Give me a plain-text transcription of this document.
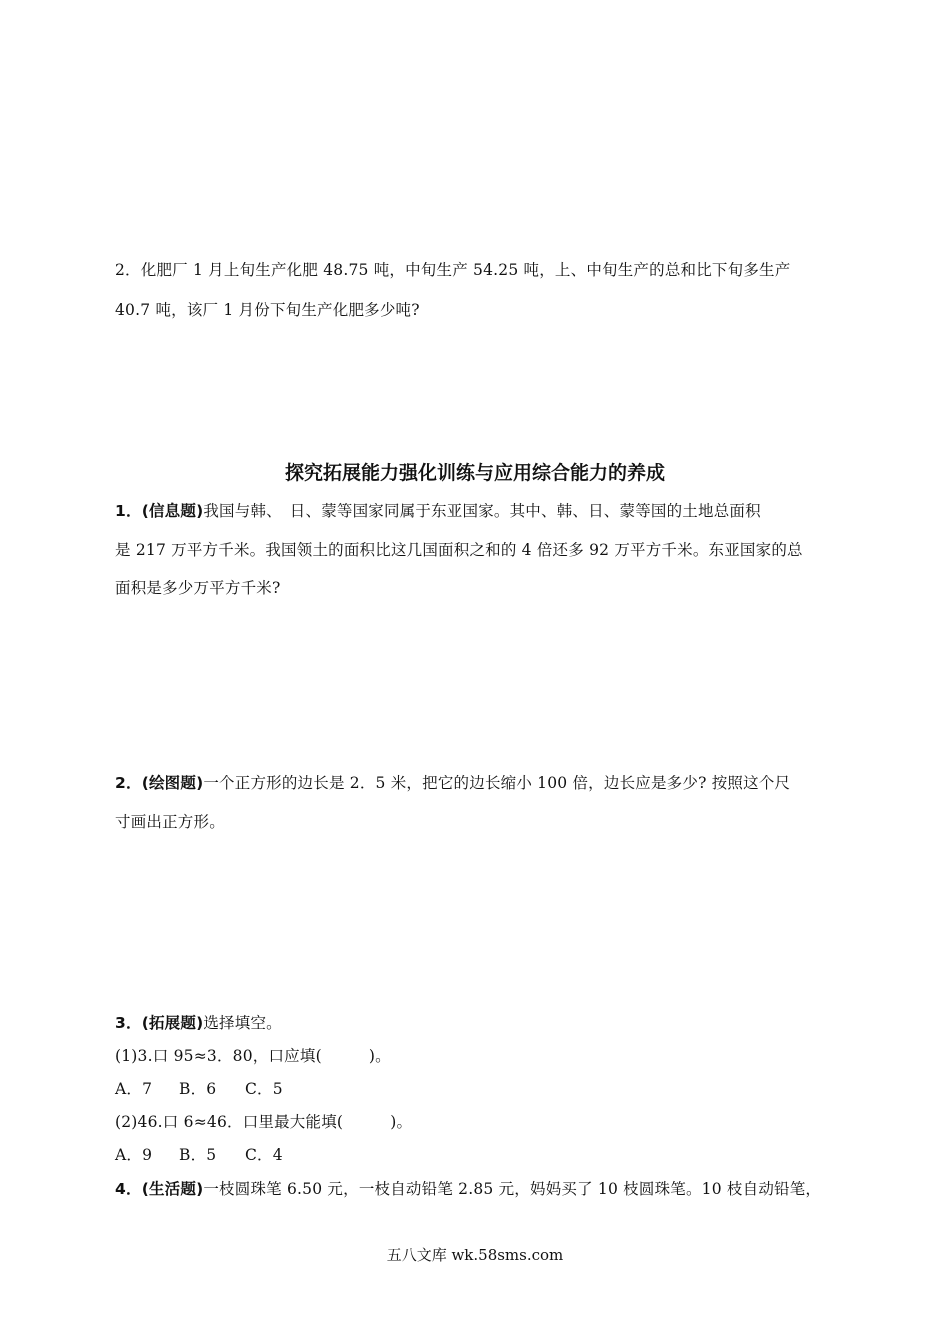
2．化肥厂 1 月上旬生产化肥 48.75 吨，中旬生产 54.25 吨，上、中旬生产的总和比下旬多生产
40.7 吨，该厂 1 月份下旬生产化肥多少吨?
探究拓展能力强化训练与应用综合能力的养成
1．(信息题)我国与韩、　日、蒙等国家同属于东亚国家。其中、韩、日、蒙等国的土地总面积
是 217 万平方千米。我国领土的面积比这几国面积之和的 4 倍还多 92 万平方千米。东亚国家的总
面积是多少万平方千米?
2．(绘图题)一个正方形的边长是 2．5 米，把它的边长缩小 100 倍，边长应是多少? 按照这个尺
寸画出正方形。
3．(拓展题)选择填空。
(1)3.口 95≈3．80，口应填(　　　)。
A．7 B．6 C．5
(2)46.口 6≈46．口里最大能填(　　　)。
A．9 B．5 C．4
4．(生活题)一枝圆珠笔 6.50 元，一枝自动铅笔 2.85 元，妈妈买了 10 枝圆珠笔。10 枝自动铅笔，
五八文库 wk.58sms.com
